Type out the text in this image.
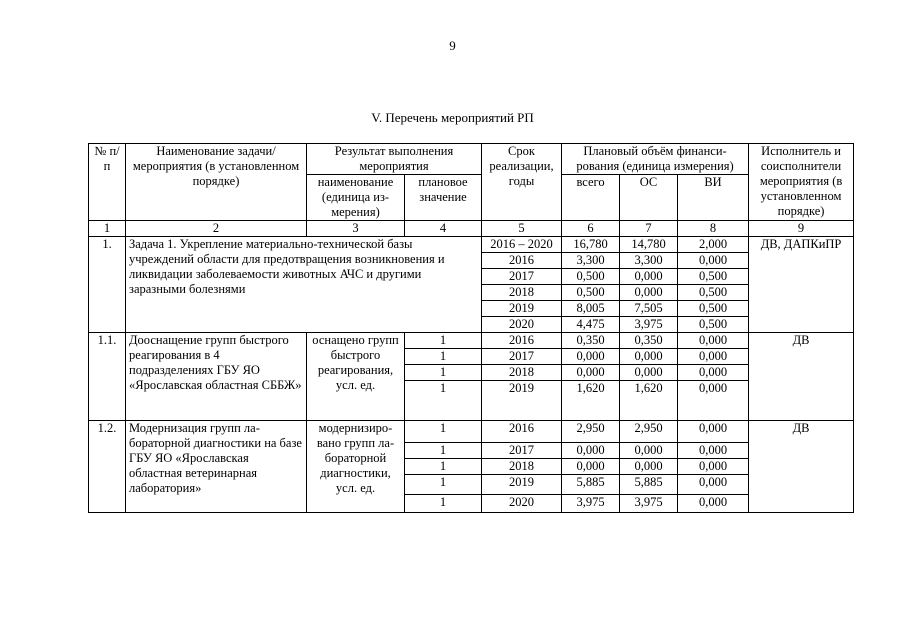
9
V. Перечень мероприятий РП
№ п/п	Наименование задачи/мероприятия (в установленном порядке)	Результат выполнения мероприятия		Срок реализации, годы	Плановый объём финансирования (единица измерения)			Исполнитель и соисполнители мероприятия (в установленном порядке)
		наименование (единица измерения)	плановое значение		всего	ОС	ВИ	
1	2	3	4	5	6	7	8	9
1.	Задача 1. Укрепление материально-технической базы учреждений области для предотвращения возникновения и ликвидации заболеваемости животных АЧС и другими заразными болезнями			2016 – 2020	16,780	14,780	2,000	ДВ, ДАПКиПР
				2016	3,300	3,300	0,000	
				2017	0,500	0,000	0,500	
				2018	0,500	0,000	0,500	
				2019	8,005	7,505	0,500	
				2020	4,475	3,975	0,500	
1.1.	Дооснащение групп быстрого реагирования в 4 подразделениях ГБУ ЯО «Ярославская областная СББЖ»	оснащено групп быстрого реагирования, усл. ед.	1	2016	0,350	0,350	0,000	ДВ
			1	2017	0,000	0,000	0,000	
			1	2018	0,000	0,000	0,000	
			1	2019	1,620	1,620	0,000	
1.2.	Модернизация групп лабораторной диагностики на базе ГБУ ЯО «Ярославская областная ветеринарная лаборатория»	модернизировано групп лабораторной диагностики, усл. ед.	1	2016	2,950	2,950	0,000	ДВ
			1	2017	0,000	0,000	0,000	
			1	2018	0,000	0,000	0,000	
			1	2019	5,885	5,885	0,000	
			1	2020	3,975	3,975	0,000	
